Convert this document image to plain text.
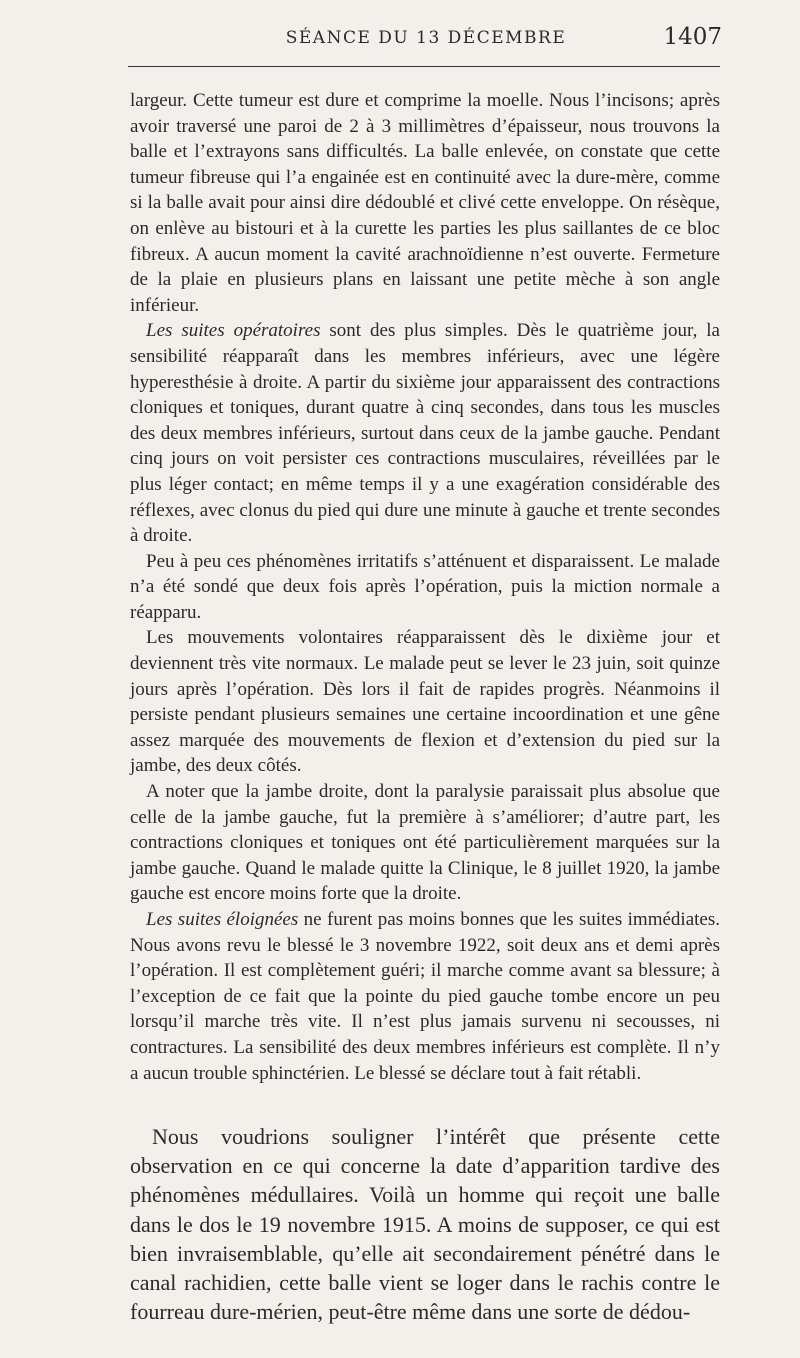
SÉANCE DU 13 DÉCEMBRE	1407

largeur. Cette tumeur est dure et comprime la moelle. Nous l’incisons; après avoir traversé une paroi de 2 à 3 millimètres d’épaisseur, nous trouvons la balle et l’extrayons sans difficultés. La balle enlevée, on constate que cette tumeur fibreuse qui l’a engainée est en continuité avec la dure-mère, comme si la balle avait pour ainsi dire dédoublé et clivé cette enveloppe. On résèque, on enlève au bistouri et à la curette les parties les plus saillantes de ce bloc fibreux. A aucun moment la cavité arachnoïdienne n’est ouverte. Fermeture de la plaie en plusieurs plans en laissant une petite mèche à son angle inférieur.

Les suites opératoires sont des plus simples. Dès le quatrième jour, la sensibilité réapparaît dans les membres inférieurs, avec une légère hyperesthésie à droite. A partir du sixième jour apparaissent des contractions cloniques et toniques, durant quatre à cinq secondes, dans tous les muscles des deux membres inférieurs, surtout dans ceux de la jambe gauche. Pendant cinq jours on voit persister ces contractions musculaires, réveillées par le plus léger contact; en même temps il y a une exagération considérable des réflexes, avec clonus du pied qui dure une minute à gauche et trente secondes à droite.

Peu à peu ces phénomènes irritatifs s’atténuent et disparaissent. Le malade n’a été sondé que deux fois après l’opération, puis la miction normale a réapparu.

Les mouvements volontaires réapparaissent dès le dixième jour et deviennent très vite normaux. Le malade peut se lever le 23 juin, soit quinze jours après l’opération. Dès lors il fait de rapides progrès. Néanmoins il persiste pendant plusieurs semaines une certaine incoordination et une gêne assez marquée des mouvements de flexion et d’extension du pied sur la jambe, des deux côtés.

A noter que la jambe droite, dont la paralysie paraissait plus absolue que celle de la jambe gauche, fut la première à s’améliorer; d’autre part, les contractions cloniques et toniques ont été particulièrement marquées sur la jambe gauche. Quand le malade quitte la Clinique, le 8 juillet 1920, la jambe gauche est encore moins forte que la droite.

Les suites éloignées ne furent pas moins bonnes que les suites immédiates. Nous avons revu le blessé le 3 novembre 1922, soit deux ans et demi après l’opération. Il est complètement guéri; il marche comme avant sa blessure; à l’exception de ce fait que la pointe du pied gauche tombe encore un peu lorsqu’il marche très vite. Il n’est plus jamais survenu ni secousses, ni contractures. La sensibilité des deux membres inférieurs est complète. Il n’y a aucun trouble sphinctérien. Le blessé se déclare tout à fait rétabli.

Nous voudrions souligner l’intérêt que présente cette observation en ce qui concerne la date d’apparition tardive des phénomènes médullaires. Voilà un homme qui reçoit une balle dans le dos le 19 novembre 1915. A moins de supposer, ce qui est bien invraisemblable, qu’elle ait secondairement pénétré dans le canal rachidien, cette balle vient se loger dans le rachis contre le fourreau dure-mérien, peut-être même dans une sorte de dédou-
